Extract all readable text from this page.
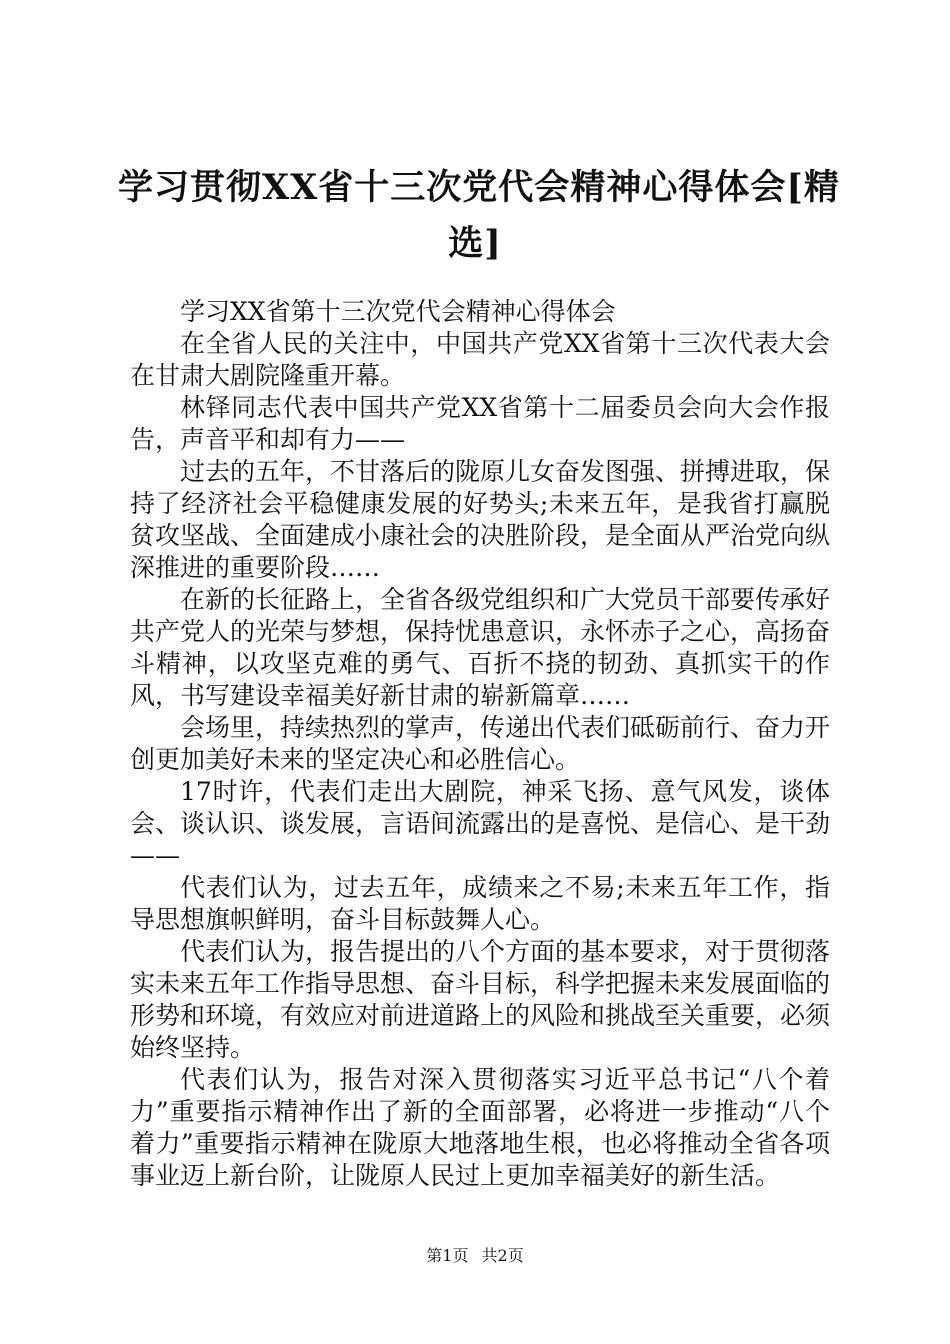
学习贯彻XX省十三次党代会精神心得体会[精
选]

学习XX省第十三次党代会精神心得体会

在全省人民的关注中，中国共产党XX省第十三次代表大会在甘肃大剧院隆重开幕。

林铎同志代表中国共产党XX省第十二届委员会向大会作报告，声音平和却有力——

过去的五年，不甘落后的陇原儿女奋发图强、拼搏进取，保持了经济社会平稳健康发展的好势头;未来五年，是我省打赢脱贫攻坚战、全面建成小康社会的决胜阶段，是全面从严治党向纵深推进的重要阶段……

在新的长征路上，全省各级党组织和广大党员干部要传承好共产党人的光荣与梦想，保持忧患意识，永怀赤子之心，高扬奋斗精神，以攻坚克难的勇气、百折不挠的韧劲、真抓实干的作风，书写建设幸福美好新甘肃的崭新篇章……

会场里，持续热烈的掌声，传递出代表们砥砺前行、奋力开创更加美好未来的坚定决心和必胜信心。

17时许，代表们走出大剧院，神采飞扬、意气风发，谈体会、谈认识、谈发展，言语间流露出的是喜悦、是信心、是干劲——

代表们认为，过去五年，成绩来之不易;未来五年工作，指导思想旗帜鲜明，奋斗目标鼓舞人心。

代表们认为，报告提出的八个方面的基本要求，对于贯彻落实未来五年工作指导思想、奋斗目标，科学把握未来发展面临的形势和环境，有效应对前进道路上的风险和挑战至关重要，必须始终坚持。

代表们认为，报告对深入贯彻落实习近平总书记“八个着力”重要指示精神作出了新的全面部署，必将进一步推动“八个着力”重要指示精神在陇原大地落地生根，也必将推动全省各项事业迈上新台阶，让陇原人民过上更加幸福美好的新生活。

第1页 共2页
